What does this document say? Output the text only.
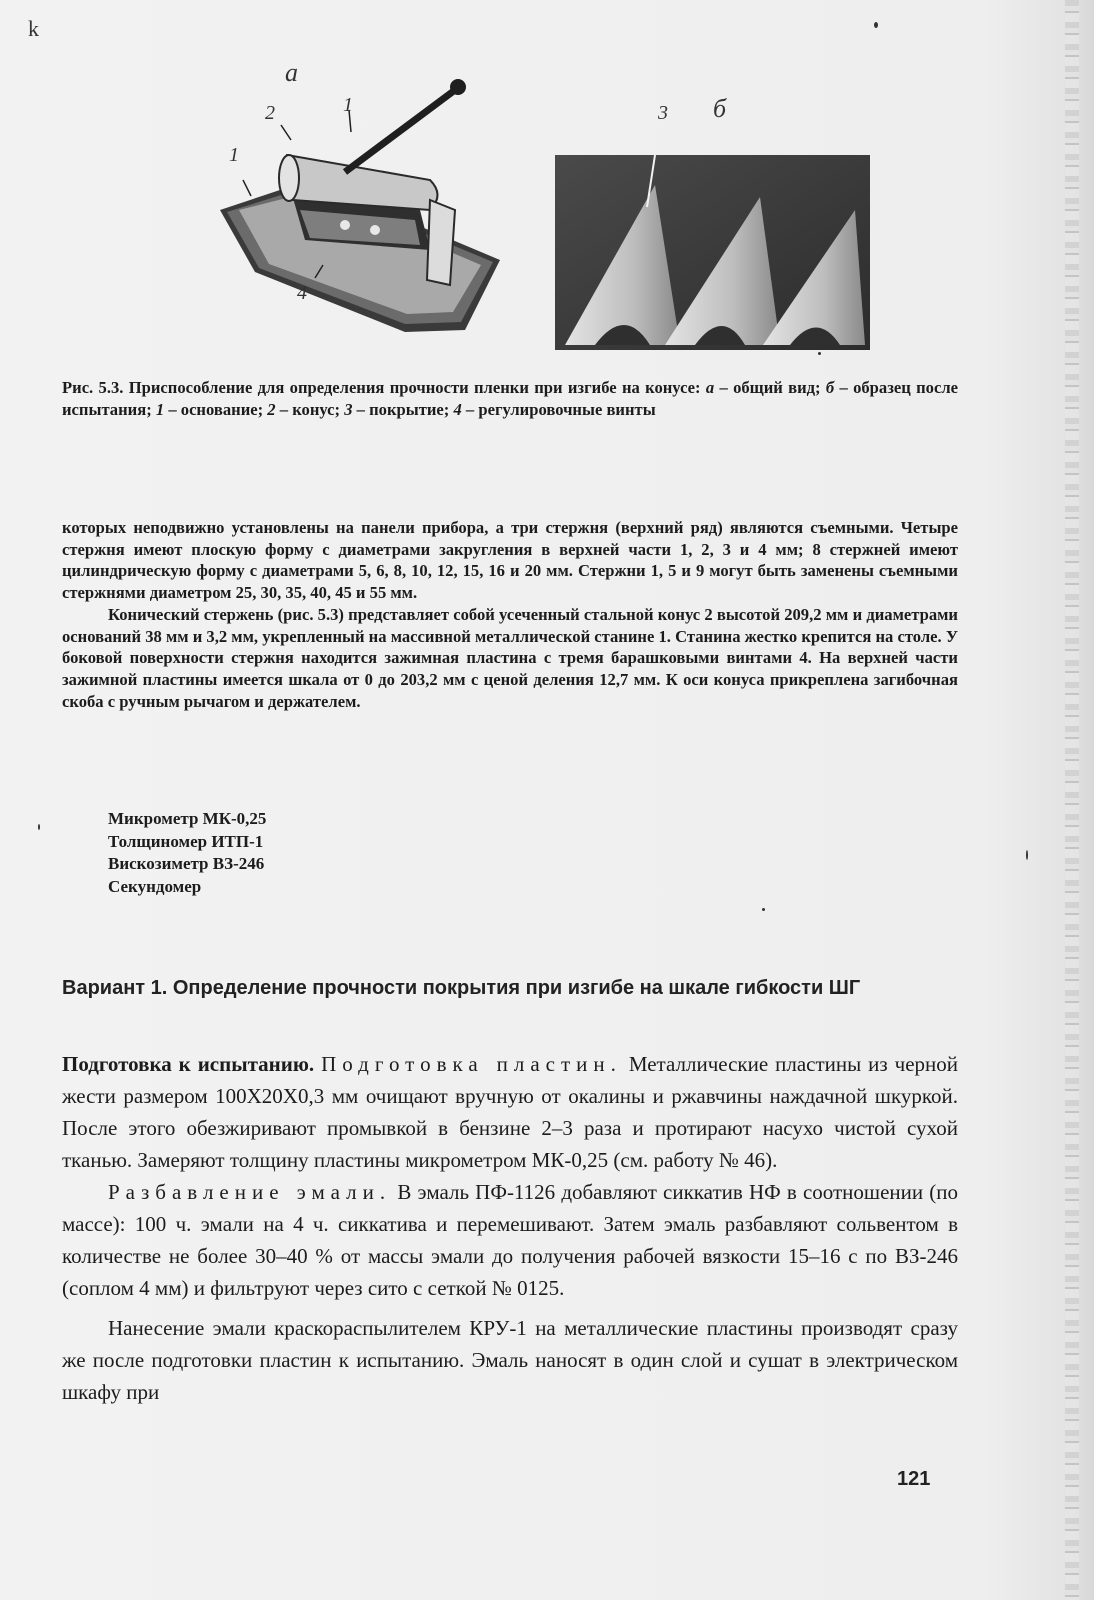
k
а
1
2	1
4
3 б
Рис. 5.3. Приспособление для определения прочности пленки при изгибе на конусе: а – общий вид; б – образец после испытания; 1 – основание; 2 – конус; 3 – покрытие; 4 – регулировочные винты

которых неподвижно установлены на панели прибора, а три стержня (верхний ряд) являются съемными. Четыре стержня имеют плоскую форму с диаметрами закругления в верхней части 1, 2, 3 и 4 мм; 8 стержней имеют цилиндрическую форму с диаметрами 5, 6, 8, 10, 12, 15, 16 и 20 мм. Стержни 1, 5 и 9 могут быть заменены съемными стержнями диаметром 25, 30, 35, 40, 45 и 55 мм.

Конический стержень (рис. 5.3) представляет собой усеченный стальной конус 2 высотой 209,2 мм и диаметрами оснований 38 мм и 3,2 мм, укрепленный на массивной металлической станине 1. Станина жестко крепится на столе. У боковой поверхности стержня находится зажимная пластина с тремя барашковыми винтами 4. На верхней части зажимной пластины имеется шкала от 0 до 203,2 мм с ценой деления 12,7 мм. К оси конуса прикреплена загибочная скоба с ручным рычагом и держателем.

Микрометр МК-0,25
Толщиномер ИТП-1
Вискозиметр ВЗ-246
Секундомер
Вариант 1. Определение прочности покрытия при изгибе на шкале гибкости ШГ

Подготовка к испытанию. Подготовка пластин. Металлические пластины из черной жести размером 100Х20Х0,3 мм очищают вручную от окалины и ржавчины наждачной шкуркой. После этого обезжиривают промывкой в бензине 2–3 раза и протирают насухо чистой сухой тканью. Замеряют толщину пластины микрометром МК-0,25 (см. работу № 46).

Разбавление эмали. В эмаль ПФ-1126 добавляют сиккатив НФ в соотношении (по массе): 100 ч. эмали на 4 ч. сиккатива и перемешивают. Затем эмаль разбавляют сольвентом в количестве не более 30–40 % от массы эмали до получения рабочей вязкости 15–16 с по ВЗ-246 (соплом 4 мм) и фильтруют через сито с сеткой № 0125.

Нанесение эмали краскораспылителем КРУ-1 на металлические пластины производят сразу же после подготовки пластин к испытанию. Эмаль наносят в один слой и сушат в электрическом шкафу при

121
